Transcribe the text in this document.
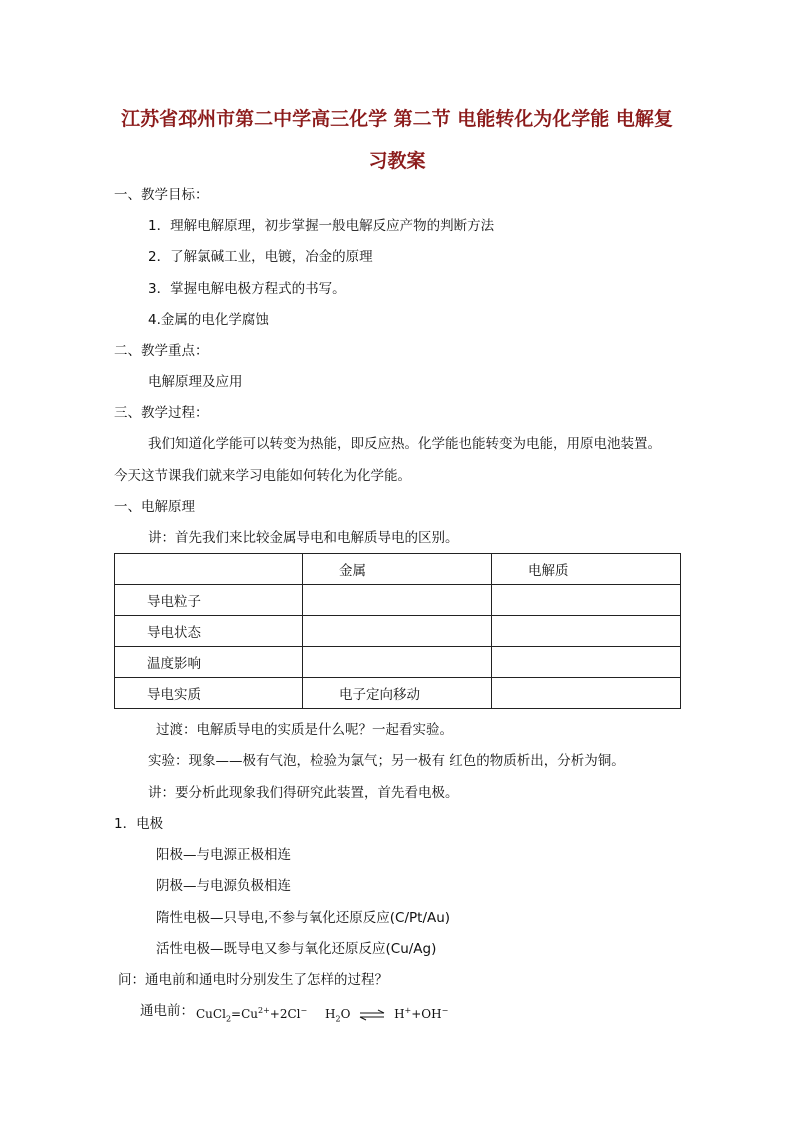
江苏省邳州市第二中学高三化学 第二节 电能转化为化学能 电解复
习教案
一、教学目标：
1．理解电解原理，初步掌握一般电解反应产物的判断方法
2．了解氯碱工业，电镀，冶金的原理
3．掌握电解电极方程式的书写。
4.金属的电化学腐蚀
二、教学重点：
电解原理及应用
三、教学过程：
我们知道化学能可以转变为热能，即反应热。化学能也能转变为电能，用原电池装置。
今天这节课我们就来学习电能如何转化为化学能。
一、电解原理
讲：首先我们来比较金属导电和电解质导电的区别。
	金属	电解质
导电粒子		
导电状态		
温度影响		
导电实质	电子定向移动	
过渡：电解质导电的实质是什么呢？一起看实验。
实验：现象——极有气泡，检验为氯气；另一极有 红色的物质析出，分析为铜。
讲：要分析此现象我们得研究此装置，首先看电极。
1．电极
阳极—与电源正极相连
阴极—与电源负极相连
隋性电极—只导电,不参与氧化还原反应(C/Pt/Au)
活性电极—既导电又参与氧化还原反应(Cu/Ag)
问：通电前和通电时分别发生了怎样的过程？
通电前： $CuCl_2=Cu^{2+}+2Cl^-$ $H_2O$ ⇌ H++OH−
